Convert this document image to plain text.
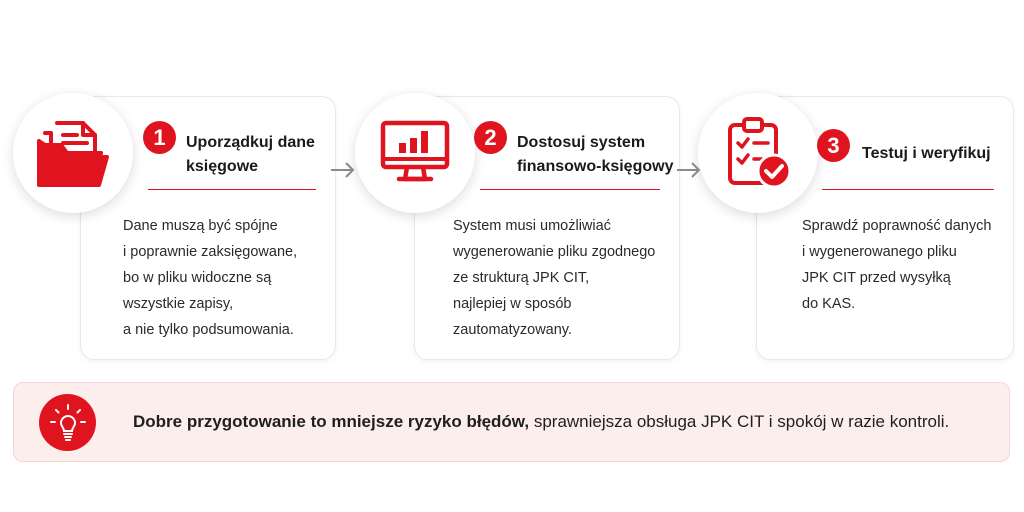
1	Uporządkuj dane
księgowe
Dane muszą być spójne
i poprawnie zaksięgowane,
bo w pliku widoczne są
wszystkie zapisy,
a nie tylko podsumowania.
2	Dostosuj system
finansowo-księgowy
System musi umożliwiać
wygenerowanie pliku zgodnego
ze strukturą JPK CIT,
najlepiej w sposób
zautomatyzowany.
3	Testuj i weryfikuj
Sprawdź poprawność danych
i wygenerowanego pliku
JPK CIT przed wysyłką
do KAS.
Dobre przygotowanie to mniejsze ryzyko błędów, sprawniejsza obsługa JPK CIT i spokój w razie kontroli.
